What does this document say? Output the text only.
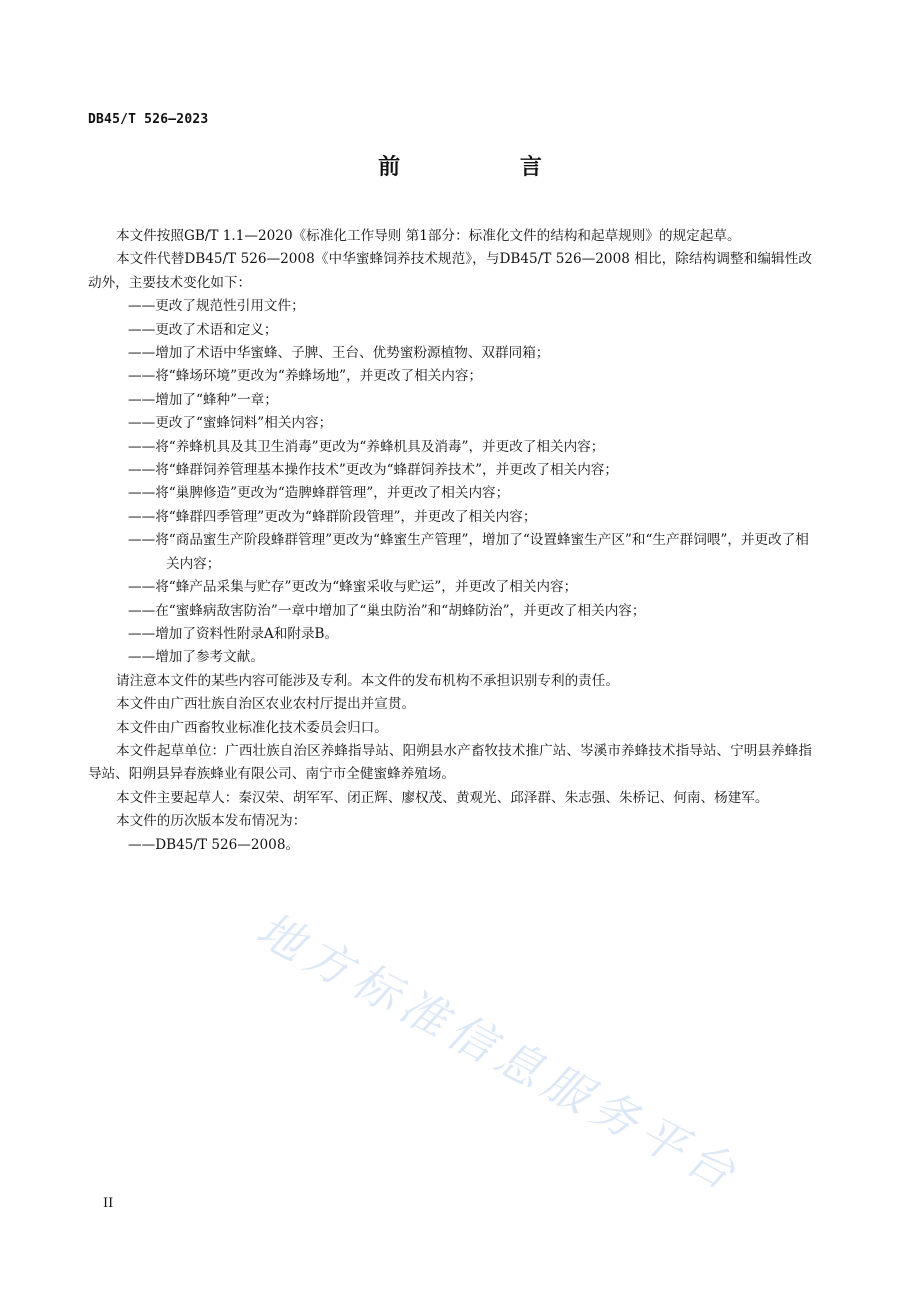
DB45/T 526—2023
前 言

本文件按照GB/T 1.1—2020《标准化工作导则 第1部分：标准化文件的结构和起草规则》的规定起草。

本文件代替DB45/T 526—2008《中华蜜蜂饲养技术规范》，与DB45/T 526—2008 相比，除结构调整和编辑性改动外，主要技术变化如下：

——更改了规范性引用文件；
——更改了术语和定义；
——增加了术语中华蜜蜂、子脾、王台、优势蜜粉源植物、双群同箱；
——将“蜂场环境”更改为“养蜂场地”，并更改了相关内容；
——增加了“蜂种”一章；
——更改了“蜜蜂饲料”相关内容；
——将“养蜂机具及其卫生消毒”更改为“养蜂机具及消毒”，并更改了相关内容；
——将“蜂群饲养管理基本操作技术”更改为“蜂群饲养技术”，并更改了相关内容；
——将“巢脾修造”更改为“造脾蜂群管理”，并更改了相关内容；
——将“蜂群四季管理”更改为“蜂群阶段管理”，并更改了相关内容；
——将“商品蜜生产阶段蜂群管理”更改为“蜂蜜生产管理”，增加了“设置蜂蜜生产区”和“生产群饲喂”，并更改了相关内容；
——将“蜂产品采集与贮存”更改为“蜂蜜采收与贮运”，并更改了相关内容；
——在“蜜蜂病敌害防治”一章中增加了“巢虫防治”和“胡蜂防治”，并更改了相关内容；
——增加了资料性附录A和附录B。
——增加了参考文献。

请注意本文件的某些内容可能涉及专利。本文件的发布机构不承担识别专利的责任。

本文件由广西壮族自治区农业农村厅提出并宣贯。

本文件由广西畜牧业标准化技术委员会归口。

本文件起草单位：广西壮族自治区养蜂指导站、阳朔县水产畜牧技术推广站、岑溪市养蜂技术指导站、宁明县养蜂指导站、阳朔县异春族蜂业有限公司、南宁市全健蜜蜂养殖场。

本文件主要起草人：秦汉荣、胡军军、闭正辉、廖权茂、黄观光、邱泽群、朱志强、朱桥记、何南、杨建军。

本文件的历次版本发布情况为：

——DB45/T 526—2008。
地方标准信息服务平台
II
